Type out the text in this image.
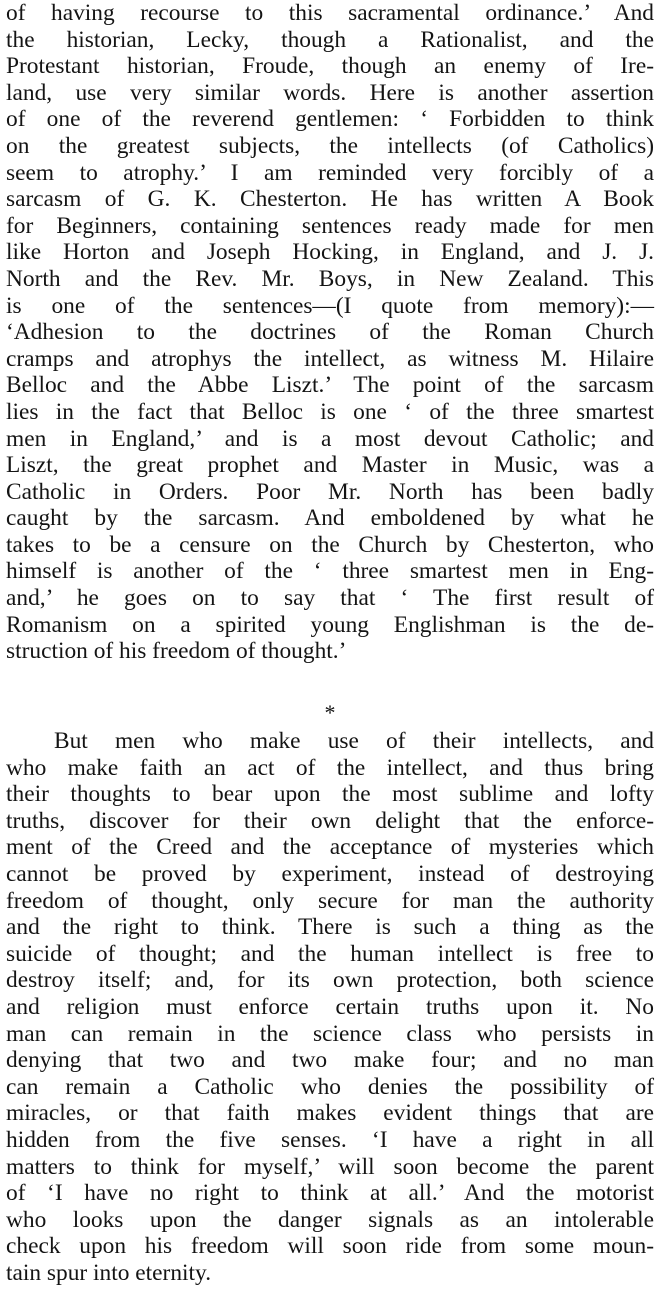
of having recourse to this sacramental ordinance.’ And
the historian, Lecky, though a Rationalist, and the
Protestant historian, Froude, though an enemy of Ire-
land, use very similar words. Here is another assertion
of one of the reverend gentlemen: ‘ Forbidden to think
on the greatest subjects, the intellects (of Catholics)
seem to atrophy.’ I am reminded very forcibly of a
sarcasm of G. K. Chesterton. He has written A Book
for Beginners, containing sentences ready made for men
like Horton and Joseph Hocking, in England, and J. J.
North and the Rev. Mr. Boys, in New Zealand. This
is one of the sentences—(I quote from memory):—
‘Adhesion to the doctrines of the Roman Church
cramps and atrophys the intellect, as witness M. Hilaire
Belloc and the Abbe Liszt.’ The point of the sarcasm
lies in the fact that Belloc is one ‘ of the three smartest
men in England,’ and is a most devout Catholic; and
Liszt, the great prophet and Master in Music, was a
Catholic in Orders. Poor Mr. North has been badly
caught by the sarcasm. And emboldened by what he
takes to be a censure on the Church by Chesterton, who
himself is another of the ‘ three smartest men in Eng-
and,’ he goes on to say that ‘ The first result of
Romanism on a spirited young Englishman is the de-
struction of his freedom of thought.’
*
But men who make use of their intellects, and
who make faith an act of the intellect, and thus bring
their thoughts to bear upon the most sublime and lofty
truths, discover for their own delight that the enforce-
ment of the Creed and the acceptance of mysteries which
cannot be proved by experiment, instead of destroying
freedom of thought, only secure for man the authority
and the right to think. There is such a thing as the
suicide of thought; and the human intellect is free to
destroy itself; and, for its own protection, both science
and religion must enforce certain truths upon it. No
man can remain in the science class who persists in
denying that two and two make four; and no man
can remain a Catholic who denies the possibility of
miracles, or that faith makes evident things that are
hidden from the five senses. ‘I have a right in all
matters to think for myself,’ will soon become the parent
of ‘I have no right to think at all.’ And the motorist
who looks upon the danger signals as an intolerable
check upon his freedom will soon ride from some moun-
tain spur into eternity.
